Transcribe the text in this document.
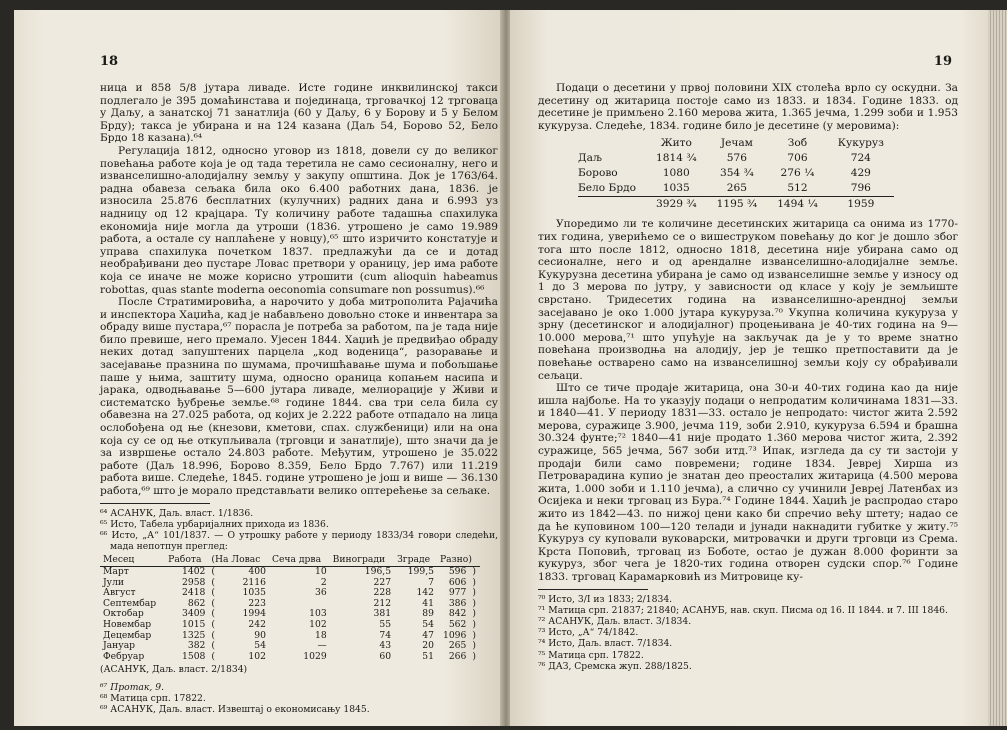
18

ница и 858 5/8 јутара ливаде. Исте године инквилинској такси подлегало је 395 домаћинстава и појединаца, трговачкој 12 трговаца у Даљу, а занатској 71 занатлија (60 у Даљу, 6 у Борову и 5 у Белом Брду); такса је убирана и на 124 казана (Даљ 54, Борово 52, Бело Брдо 18 казана).⁶⁴

Регулација 1812, односно уговор из 1818, довели су до великог повећања работе која је од тада теретила не само сесионалну, него и изванселишно-алодијалну земљу у закупу општина. Док је 1763/64. радна обавеза сељака била око 6.400 работних дана, 1836. је износила 25.876 бесплатних (кулучних) радних дана и 6.993 уз надницу од 12 крајцара. Ту количину работе тадашња спахилука економија није могла да утроши (1836. утрошено је само 19.989 работа, а остале су наплаћене у новцу),⁶⁵ што изричито констатује и управа спахилука почетком 1837. предлажући да се и дотад необрађивани део пустаре Ловас претвори у ораницу, јер има работе која се иначе не може корисно утрошити (cum alioquin habeamus robottas, quas stante moderna oeconomia consumare non possumus).⁶⁶

После Стратимировића, а нарочито у доба митрополита Рајачића и инспектора Хаџића, кад је набављено довољно стоке и инвентара за обраду више пустара,⁶⁷ порасла је потреба за работом, па је тада није било превише, него премало. Ујесен 1844. Хаџић је предвиђао обраду неких дотад запуштених парцела „код воденица“, разоравање и засејавање празнина по шумама, прочишћавање шума и побољшање паше у њима, заштиту шума, односно ораница копањем насипа и јарака, одводњавање 5—600 јутара ливаде, мелиорације у Живи и систематско ђубрење земље.⁶⁸ године 1844. сва три села била су обавезна на 27.025 работа, од којих је 2.222 работе отпадало на лица ослобођена од ње (кнезови, кметови, спах. службеници) или на она која су се од ње откупљивала (трговци и занатлије), што значи да је за извршење остало 24.803 работе. Међутим, утрошено је 35.022 работе (Даљ 18.996, Борово 8.359, Бело Брдо 7.767) или 11.219 работа више. Следеће, 1845. године утрошено је још и више — 36.130 работа,⁶⁹ што је морало представљати велико оптерећење за сељаке.

⁶⁴ АСАНУК, Даљ. власт. 1/1836.

⁶⁵ Исто, Табела урбаријалних прихода из 1836.

⁶⁶ Исто, „А“ 101/1837. — О утрошку работе у периоду 1833/34 говори следећи, мада непотпун преглед:

Месец	Работа	(На Ловас		Сеча дрва	Виногради	Зграде	Разно)	
Март	1402	(	400	10	196,5	199,5	596	)
Јули	2958	(	2116	2	227	7	606	)
Август	2418	(	1035	36	228	142	977	)
Септембар	862	(	223		212	41	386	)
Октобар	3409	(	1994	103	381	89	842	)
Новембар	1015	(	242	102	55	54	562	)
Децембар	1325	(	90	18	74	47	1096	)
Јануар	382	(	54	—	43	20	265	)
Фебруар	1508	(	102	1029	60	51	266	)
(АСАНУК, Даљ. власт. 2/1834)

⁶⁷ Протак, 9.

⁶⁸ Матица срп. 17822.

⁶⁹ АСАНУК, Даљ. власт. Извештај о економисању 1845.

19

Подаци о десетини у првој половини XIX столећа врло су оскудни. За десетину од житарица постоје само из 1833. и 1834. Године 1833. од десетине је примљено 2.160 мерова жита, 1.365 јечма, 1.299 зоби и 1.953 кукуруза. Следеће, 1834. године било је десетине (у меровима):

	Жито	Јечам	Зоб	Кукуруз
Даљ	1814 ³⁄₄	576	706	724
Борово	1080	354 ³⁄₄	276 ¹⁄₄	429
Бело Брдо	1035	265	512	796
	3929 ³⁄₄	1195 ³⁄₄	1494 ¹⁄₄	1959

Упоредимо ли те количине десетинских житарица са онима из 1770-тих година, уверићемо се о вишеструком повећању до ког је дошло због тога што после 1812, односно 1818, десетина није убирана само од сесионалне, него и од арендалне изванселишно-алодијалне земље. Кукурузна десетина убирана је само од изванселишне земље у износу од 1 до 3 мерова по јутру, у зависности од класе у коју је земљиште сврстано. Тридесетих година на изванселишно-арендној земљи засејавано је око 1.000 јутара кукуруза.⁷⁰ Укупна количина кукуруза у зрну (десетинског и алодијалног) процењивана је 40-тих година на 9—10.000 мерова,⁷¹ што упућује на закључак да је у то време знатно повећана производња на алодију, јер је тешко претпоставити да је повећање остварено само на изванселишној земљи коју су обрађивали сељаци.

Што се тиче продаје житарица, она 30-и 40-тих година као да није ишла најбоље. На то указују подаци о непродатим количинама 1831—33. и 1840—41. У периоду 1831—33. остало је непродато: чистог жита 2.592 мерова, суражице 3.900, јечма 119, зоби 2.910, кукуруза 6.594 и брашна 30.324 фунте;⁷² 1840—41 није продато 1.360 мерова чистог жита, 2.392 суражице, 565 јечма, 567 зоби итд.⁷³ Ипак, изгледа да су ти застоји у продаји били само повремени; године 1834. Јеврej Хирша из Петроварадина купио је знатан део преосталих житарица (4.500 мерова жита, 1.000 зоби и 1.110 јечма), а слично су учинили Јевреј Латенбах из Осијека и неки трговац из Бура.⁷⁴ Године 1844. Хаџић је распродао старо жито из 1842—43. по нижој цени како би спречио већу штету; надао се да ће куповином 100—120 телади и јунади накнадити губитке у житу.⁷⁵ Кукуруз су куповали вуковарски, митровачки и други трговци из Срема. Крста Поповић, трговац из Боботе, остао је дужан 8.000 форинти за кукуруз, због чега је 1820-тих година отворен судски спор.⁷⁶ Године 1833. трговац Карамарковић из Митровице ку-

⁷⁰ Исто, 3/I из 1833; 2/1834.

⁷¹ Матица срп. 21837; 21840; АСАНУБ, нав. скуп. Писма од 16. II 1844. и 7. III 1846.

⁷² АСАНУК, Даљ. власт. 3/1834.

⁷³ Исто, „А“ 74/1842.

⁷⁴ Исто, Даљ. власт. 7/1834.

⁷⁵ Матица срп. 17822.

⁷⁶ ДАЗ, Сремска жуп. 288/1825.
